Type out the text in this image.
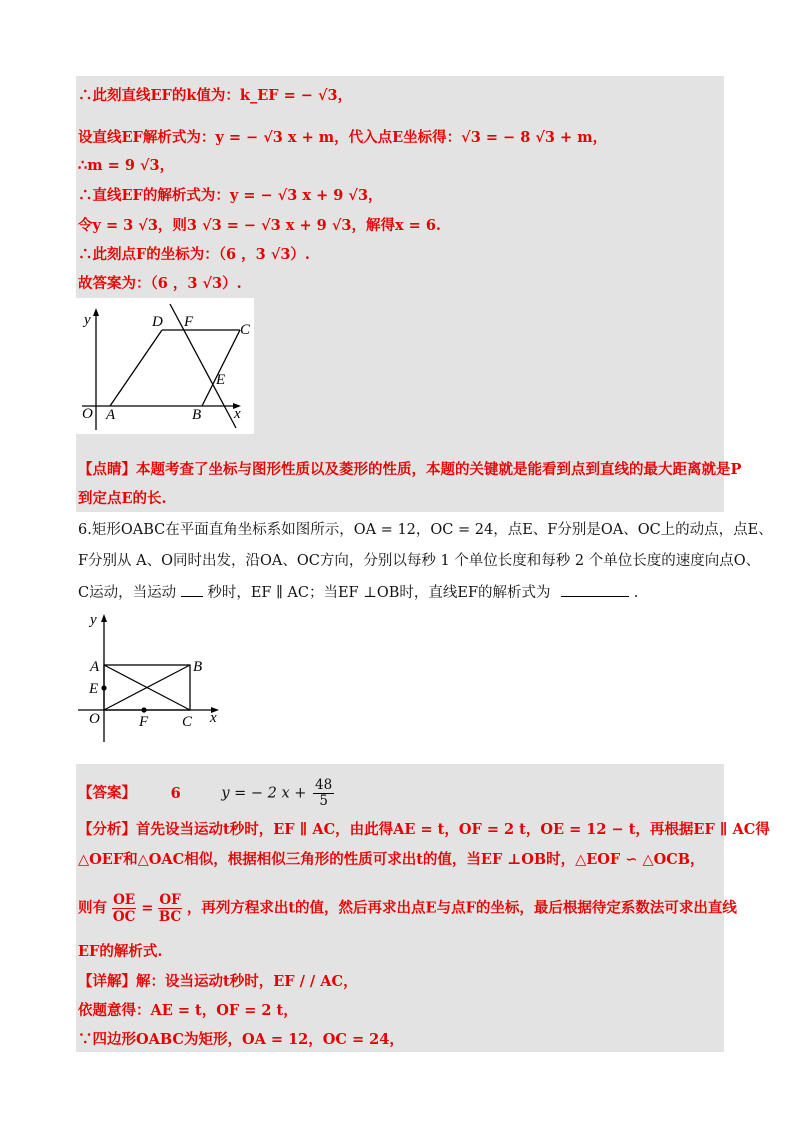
∴此刻直线EF的k值为：k_EF = − √3，
设直线EF解析式为：y = − √3 x + m，代入点E坐标得：√3 = − 8 √3 + m，
∴m = 9 √3，
∴直线EF的解析式为：y = − √3 x + 9 √3，
令y = 3 √3，则3 √3 = − √3 x + 9 √3，解得x = 6.
∴此刻点F的坐标为：（6 ，3 √3）.
故答案为：（6 ，3 √3）.
y	D F	C
E
O A	B x
【点睛】本题考查了坐标与图形性质以及菱形的性质，本题的关键就是能看到点到直线的最大距离就是P
到定点E的长.
6.矩形OABC在平面直角坐标系如图所示，OA = 12，OC = 24，点E、F分别是OA、OC上的动点，点E、
F分别从 A、O同时出发，沿OA、OC方向，分别以每秒 1 个单位长度和每秒 2 个单位长度的速度向点O、
C运动，当运动 秒时，EF ∥ AC；当EF ⊥OB时，直线EF的解析式为	.
y
A	B
E
O	F C x
【答案】 6	y = − 2 $x + \frac{48}{5}$
【分析】首先设当运动t秒时，EF ∥ AC，由此得AE = t，OF = 2 t，OE = 12 − t，再根据EF ∥ AC得
△OEF和△OAC相似，根据相似三角形的性质可求出t的值，当EF ⊥OB时，△EOF ∽ △OCB，
则有 $\frac{OE}{OC} = \frac{OF}{BC}$ ，再列方程求出t的值，然后再求出点E与点F的坐标，最后根据待定系数法可求出直线
EF的解析式.
【详解】解：设当运动t秒时，EF / / AC，
依题意得：AE = t，OF = 2 t，
∵四边形OABC为矩形，OA = 12，OC = 24，
